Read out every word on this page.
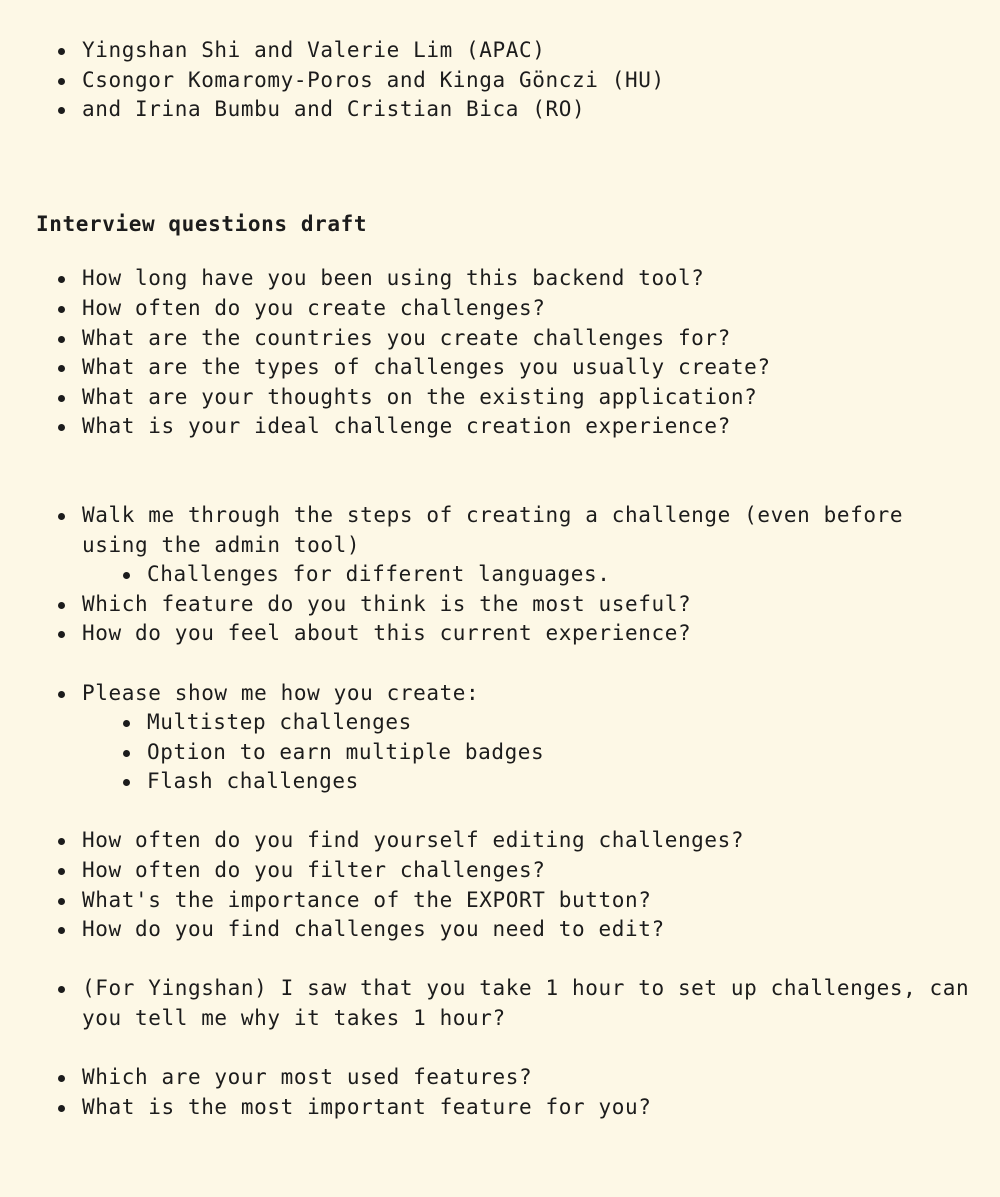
Yingshan Shi and Valerie Lim (APAC)
Csongor Komaromy-Poros and Kinga Gönczi (HU)
and Irina Bumbu and Cristian Bica (RO)

Interview questions draft

How long have you been using this backend tool?
How often do you create challenges?
What are the countries you create challenges for?
What are the types of challenges you usually create?
What are your thoughts on the existing application?
What is your ideal challenge creation experience?
Walk me through the steps of creating a challenge (even before using the admin tool)
Challenges for different languages.
Which feature do you think is the most useful?
How do you feel about this current experience?
Please show me how you create:
Multistep challenges
Option to earn multiple badges
Flash challenges
How often do you find yourself editing challenges?
How often do you filter challenges?
What's the importance of the EXPORT button?
How do you find challenges you need to edit?
(For Yingshan) I saw that you take 1 hour to set up challenges, can you tell me why it takes 1 hour?
Which are your most used features?
What is the most important feature for you?
